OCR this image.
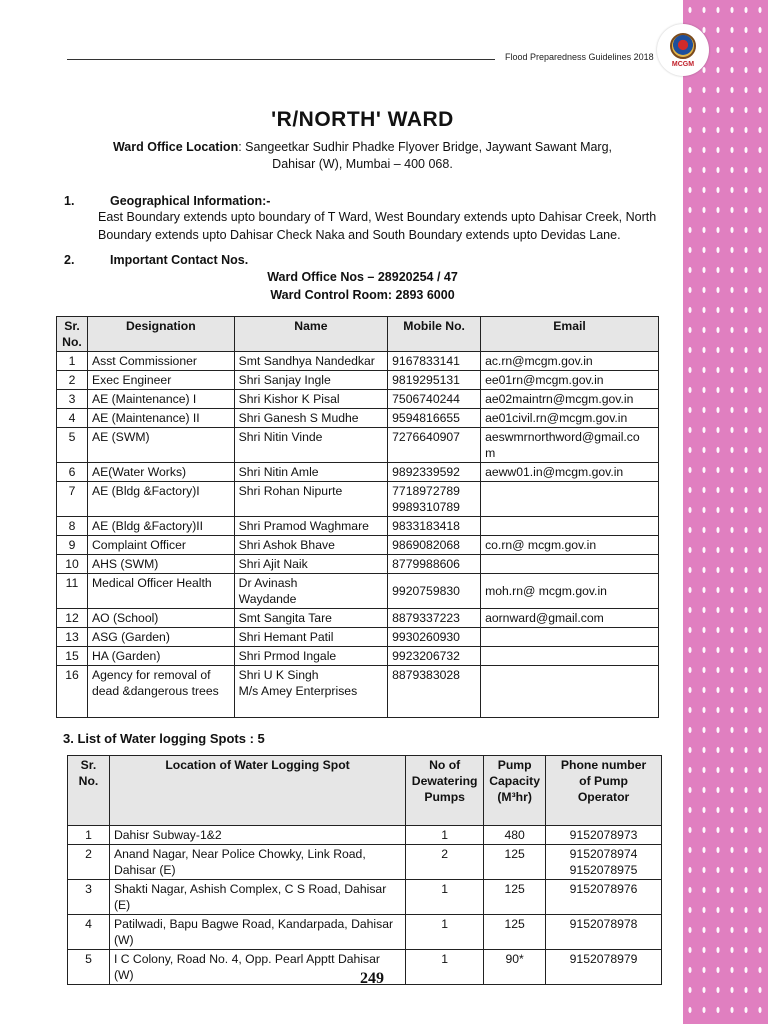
MCGM
Flood Preparedness Guidelines 2018
'R/NORTH' WARD
Ward Office Location: Sangeetkar Sudhir Phadke Flyover Bridge, Jaywant Sawant Marg,
Dahisar (W), Mumbai – 400 068.
1.	Geographical Information:-
East Boundary extends upto boundary of T Ward, West Boundary extends upto Dahisar Creek, North
Boundary extends upto Dahisar Check Naka and South Boundary extends upto Devidas Lane.
2.	Important Contact Nos.
Ward Office Nos – 28920254 / 47
Ward Control Room: 2893 6000
Sr.
No.	Designation	Name	Mobile No.	Email
1	Asst Commissioner	Smt Sandhya Nandedkar	9167833141	ac.rn@mcgm.gov.in
2	Exec Engineer	Shri Sanjay Ingle	9819295131	ee01rn@mcgm.gov.in
3	AE (Maintenance) I	Shri Kishor K Pisal	7506740244	ae02maintrn@mcgm.gov.in
4	AE (Maintenance) II	Shri Ganesh S Mudhe	9594816655	ae01civil.rn@mcgm.gov.in
5	AE (SWM)	Shri Nitin Vinde	7276640907	aeswmrnorthword@gmail.co
m
6	AE(Water Works)	Shri Nitin Amle	9892339592	aeww01.in@mcgm.gov.in
7	AE (Bldg &Factory)I	Shri Rohan Nipurte	7718972789
9989310789	
8	AE (Bldg &Factory)II	Shri Pramod Waghmare	9833183418	
9	Complaint Officer	Shri Ashok Bhave	9869082068	co.rn@ mcgm.gov.in
10	AHS (SWM)	Shri Ajit Naik	8779988606	
11	Medical Officer Health	Dr Avinash
Waydande	9920759830	moh.rn@ mcgm.gov.in
12	AO (School)	Smt Sangita Tare	8879337223	aornward@gmail.com
13	ASG (Garden)	Shri Hemant Patil	9930260930	
15	HA (Garden)	Shri Prmod Ingale	9923206732	
16	Agency for removal of
dead &dangerous trees	Shri U K Singh
M/s Amey Enterprises	8879383028	
3. List of Water logging Spots : 5
Sr.
No.	Location of Water Logging Spot	No of
Dewatering
Pumps	Pump
Capacity
(M³hr)	Phone number
of Pump
Operator
1	Dahisr Subway-1&2	1	480	9152078973
2	Anand Nagar, Near Police Chowky, Link Road,
Dahisar (E)	2	125	9152078974
9152078975
3	Shakti Nagar, Ashish Complex, C S Road, Dahisar (E)	1	125	9152078976
4	Patilwadi, Bapu Bagwe Road, Kandarpada, Dahisar
(W)	1	125	9152078978
5	I C Colony, Road No. 4, Opp. Pearl Apptt Dahisar
(W)	1	90*	9152078979
249
